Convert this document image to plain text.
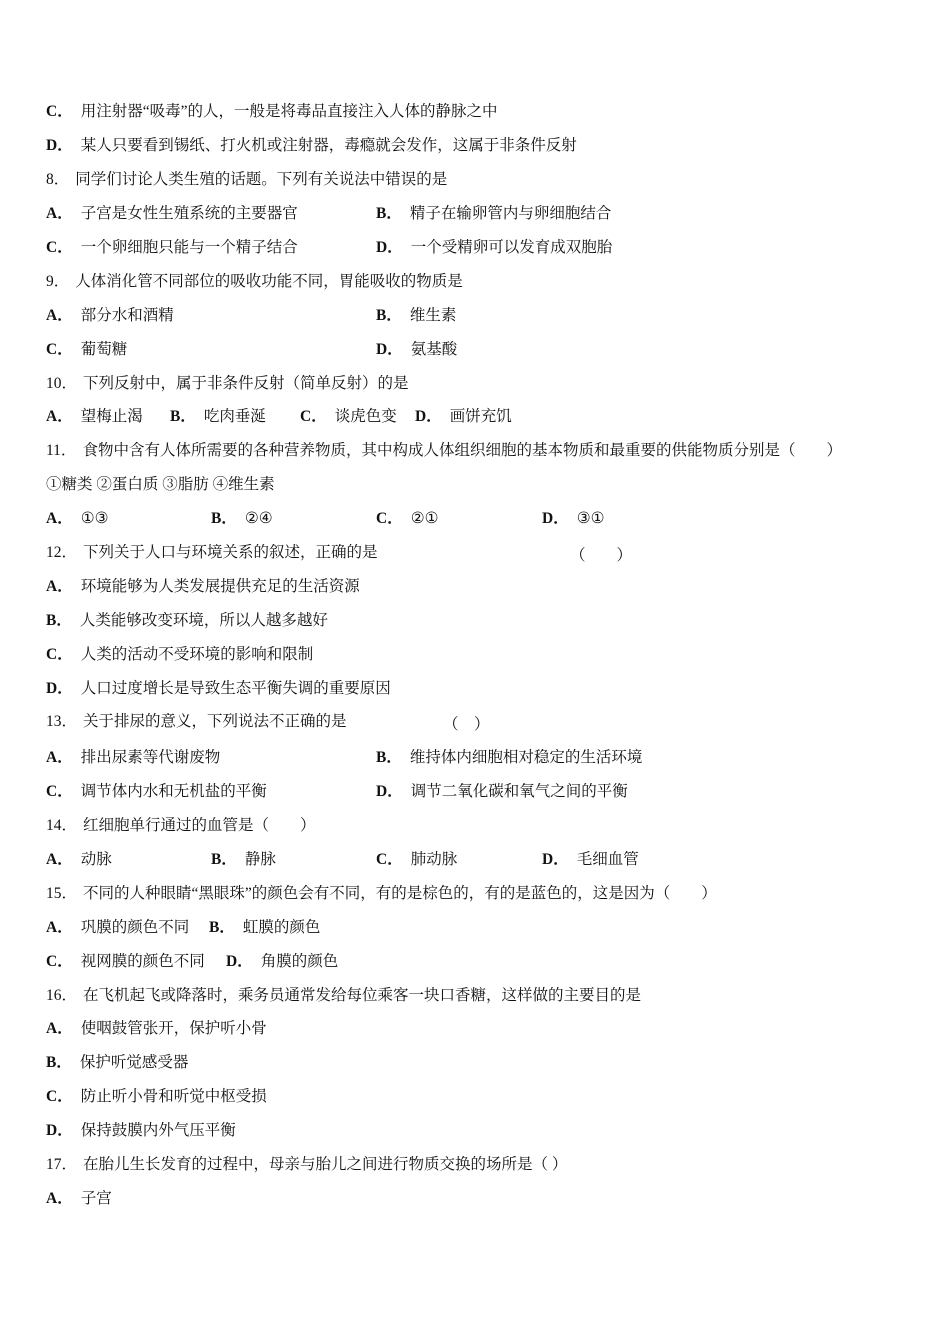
C． 用注射器“吸毒”的人，一般是将毒品直接注入人体的静脉之中
D． 某人只要看到锡纸、打火机或注射器，毒瘾就会发作，这属于非条件反射
8． 同学们讨论人类生殖的话题。下列有关说法中错误的是
A． 子宫是女性生殖系统的主要器官	B． 精子在输卵管内与卵细胞结合
C． 一个卵细胞只能与一个精子结合	D． 一个受精卵可以发育成双胞胎
9． 人体消化管不同部位的吸收功能不同，胃能吸收的物质是
A． 部分水和酒精	B． 维生素
C． 葡萄糖	D． 氨基酸
10． 下列反射中，属于非条件反射（简单反射）的是
A． 望梅止渴 B． 吃肉垂涎 C． 谈虎色变 D． 画饼充饥
11． 食物中含有人体所需要的各种营养物质，其中构成人体组织细胞的基本物质和最重要的供能物质分别是（　　）
①糖类 ②蛋白质 ③脂肪 ④维生素
A． ①③	B． ②④	C． ②①	D． ③①
12． 下列关于人口与环境关系的叙述，正确的是	（　　）
A． 环境能够为人类发展提供充足的生活资源
B． 人类能够改变环境，所以人越多越好
C． 人类的活动不受环境的影响和限制
D． 人口过度增长是导致生态平衡失调的重要原因
13． 关于排尿的意义，下列说法不正确的是	（　）
A． 排出尿素等代谢废物	B． 维持体内细胞相对稳定的生活环境
C． 调节体内水和无机盐的平衡	D． 调节二氧化碳和氧气之间的平衡
14． 红细胞单行通过的血管是（　　）
A． 动脉	B． 静脉	C． 肺动脉	D． 毛细血管
15． 不同的人种眼睛“黑眼珠”的颜色会有不同，有的是棕色的，有的是蓝色的，这是因为（　　）
A． 巩膜的颜色不同 B． 虹膜的颜色
C． 视网膜的颜色不同 D． 角膜的颜色
16． 在飞机起飞或降落时，乘务员通常发给每位乘客一块口香糖，这样做的主要目的是
A． 使咽鼓管张开，保护听小骨
B． 保护听觉感受器
C． 防止听小骨和听觉中枢受损
D． 保持鼓膜内外气压平衡
17． 在胎儿生长发育的过程中，母亲与胎儿之间进行物质交换的场所是（ ）
A． 子宫
